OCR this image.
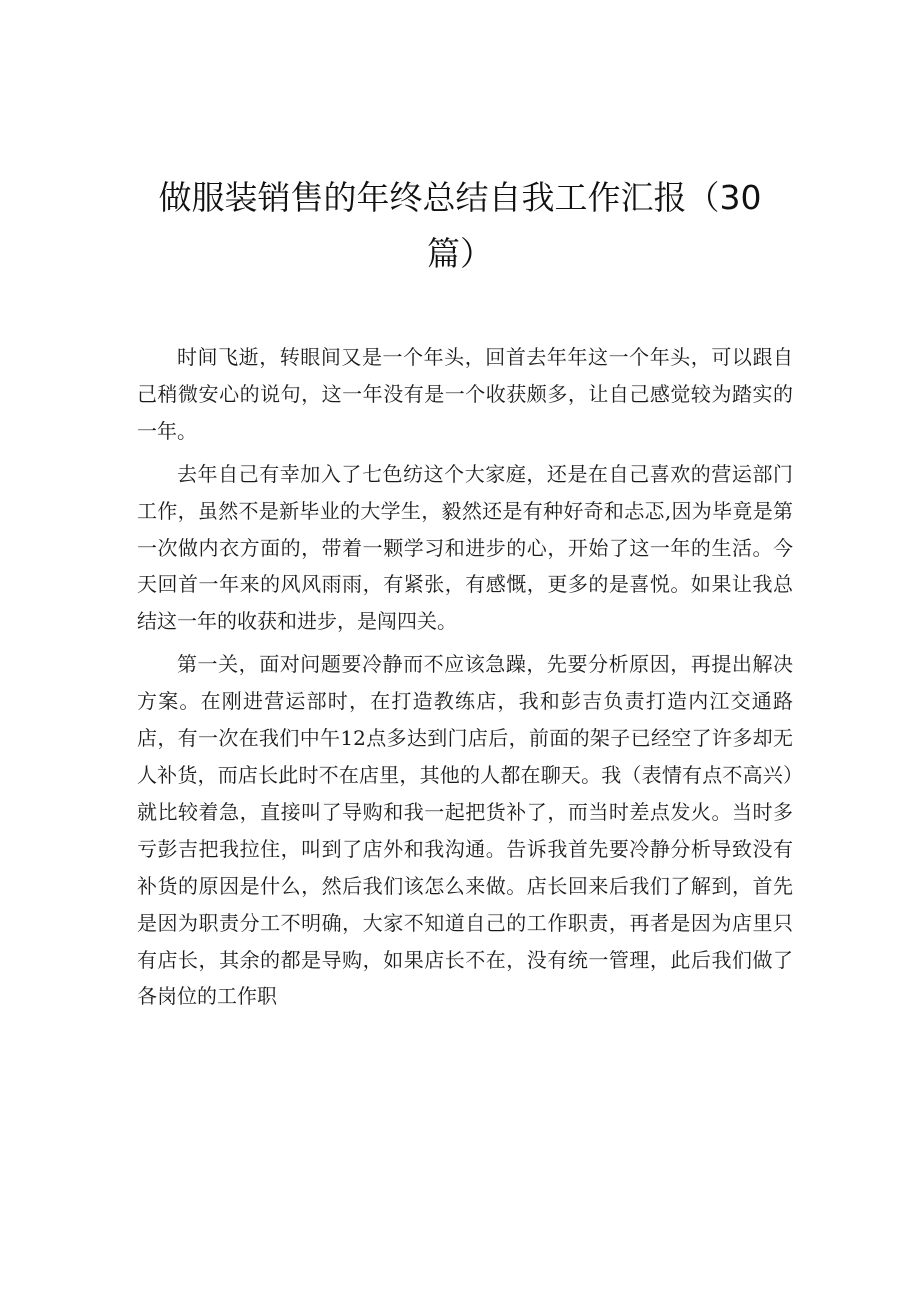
做服装销售的年终总结自我工作汇报（30
篇）

时间飞逝，转眼间又是一个年头，回首去年年这一个年头，可以跟自己稍微安心的说句，这一年没有是一个收获颇多，让自己感觉较为踏实的一年。

去年自己有幸加入了七色纺这个大家庭，还是在自己喜欢的营运部门工作，虽然不是新毕业的大学生，毅然还是有种好奇和忐忑,因为毕竟是第一次做内衣方面的，带着一颗学习和进步的心，开始了这一年的生活。今天回首一年来的风风雨雨，有紧张，有感慨，更多的是喜悦。如果让我总结这一年的收获和进步，是闯四关。

第一关，面对问题要冷静而不应该急躁，先要分析原因，再提出解决方案。在刚进营运部时，在打造教练店，我和彭吉负责打造内江交通路店，有一次在我们中午12点多达到门店后，前面的架子已经空了许多却无人补货，而店长此时不在店里，其他的人都在聊天。我（表情有点不高兴）就比较着急，直接叫了导购和我一起把货补了，而当时差点发火。当时多亏彭吉把我拉住，叫到了店外和我沟通。告诉我首先要冷静分析导致没有补货的原因是什么，然后我们该怎么来做。店长回来后我们了解到，首先是因为职责分工不明确，大家不知道自己的工作职责，再者是因为店里只有店长，其余的都是导购，如果店长不在，没有统一管理，此后我们做了各岗位的工作职
